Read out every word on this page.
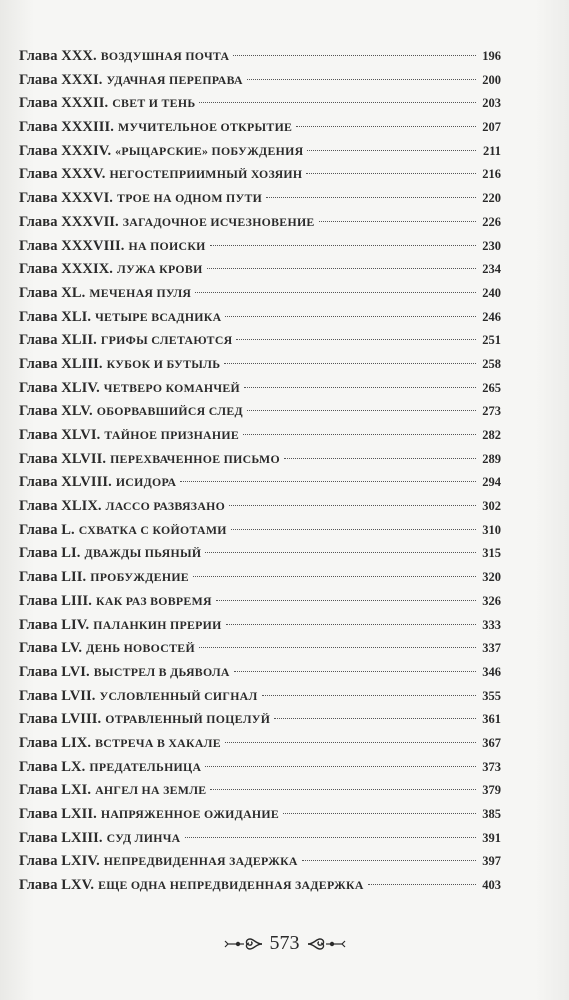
Глава XXX. ВОЗДУШНАЯ ПОЧТА	196
Глава XXXI. УДАЧНАЯ ПЕРЕПРАВА	200
Глава XXXII. СВЕТ И ТЕНЬ	203
Глава XXXIII. МУЧИТЕЛЬНОЕ ОТКРЫТИЕ	207
Глава XXXIV. «РЫЦАРСКИЕ» ПОБУЖДЕНИЯ	211
Глава XXXV. НЕГОСТЕПРИИМНЫЙ ХОЗЯИН	216
Глава XXXVI. ТРОЕ НА ОДНОМ ПУТИ	220
Глава XXXVII. ЗАГАДОЧНОЕ ИСЧЕЗНОВЕНИЕ	226
Глава XXXVIII. НА ПОИСКИ	230
Глава XXXIX. ЛУЖА КРОВИ	234
Глава XL. МЕЧЕНАЯ ПУЛЯ	240
Глава XLI. ЧЕТЫРЕ ВСАДНИКА	246
Глава XLII. ГРИФЫ СЛЕТАЮТСЯ	251
Глава XLIII. КУБОК И БУТЫЛЬ	258
Глава XLIV. ЧЕТВЕРО КОМАНЧЕЙ	265
Глава XLV. ОБОРВАВШИЙСЯ СЛЕД	273
Глава XLVI. ТАЙНОЕ ПРИЗНАНИЕ	282
Глава XLVII. ПЕРЕХВАЧЕННОЕ ПИСЬМО	289
Глава XLVIII. ИСИДОРА	294
Глава XLIX. ЛАССО РАЗВЯЗАНО	302
Глава L. СХВАТКА С КОЙОТАМИ	310
Глава LI. ДВАЖДЫ ПЬЯНЫЙ	315
Глава LII. ПРОБУЖДЕНИЕ	320
Глава LIII. КАК РАЗ ВОВРЕМЯ	326
Глава LIV. ПАЛАНКИН ПРЕРИИ	333
Глава LV. ДЕНЬ НОВОСТЕЙ	337
Глава LVI. ВЫСТРЕЛ В ДЬЯВОЛА	346
Глава LVII. УСЛОВЛЕННЫЙ СИГНАЛ	355
Глава LVIII. ОТРАВЛЕННЫЙ ПОЦЕЛУЙ	361
Глава LIX. ВСТРЕЧА В ХАКАЛЕ	367
Глава LX. ПРЕДАТЕЛЬНИЦА	373
Глава LXI. АНГЕЛ НА ЗЕМЛЕ	379
Глава LXII. НАПРЯЖЕННОЕ ОЖИДАНИЕ	385
Глава LXIII. СУД ЛИНЧА	391
Глава LXIV. НЕПРЕДВИДЕННАЯ ЗАДЕРЖКА	397
Глава LXV. ЕЩЕ ОДНА НЕПРЕДВИДЕННАЯ ЗАДЕРЖКА	403
573
